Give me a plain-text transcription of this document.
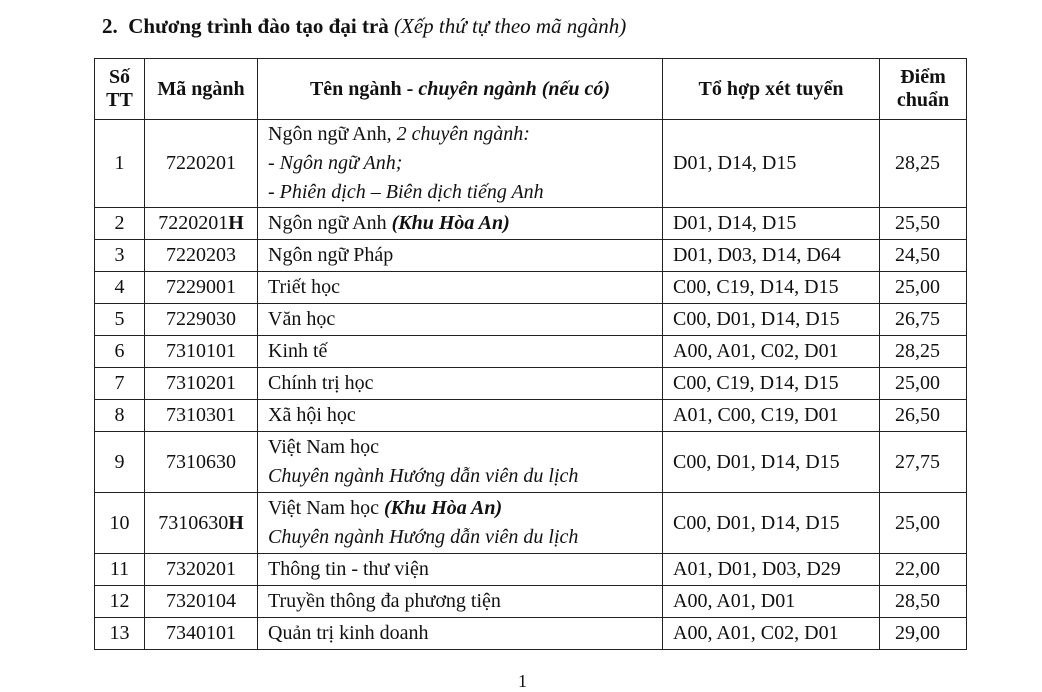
2. Chương trình đào tạo đại trà (Xếp thứ tự theo mã ngành)
Số
TT	Mã ngành	Tên ngành - chuyên ngành (nếu có)	Tổ hợp xét tuyển	Điểm
chuẩn
1	7220201	Ngôn ngữ Anh, 2 chuyên ngành:
- Ngôn ngữ Anh;
- Phiên dịch – Biên dịch tiếng Anh	D01, D14, D15	28,25
2	7220201H	Ngôn ngữ Anh (Khu Hòa An)	D01, D14, D15	25,50
3	7220203	Ngôn ngữ Pháp	D01, D03, D14, D64	24,50
4	7229001	Triết học	C00, C19, D14, D15	25,00
5	7229030	Văn học	C00, D01, D14, D15	26,75
6	7310101	Kinh tế	A00, A01, C02, D01	28,25
7	7310201	Chính trị học	C00, C19, D14, D15	25,00
8	7310301	Xã hội học	A01, C00, C19, D01	26,50
9	7310630	Việt Nam học
Chuyên ngành Hướng dẫn viên du lịch	C00, D01, D14, D15	27,75
10	7310630H	Việt Nam học (Khu Hòa An)
Chuyên ngành Hướng dẫn viên du lịch	C00, D01, D14, D15	25,00
11	7320201	Thông tin - thư viện	A01, D01, D03, D29	22,00
12	7320104	Truyền thông đa phương tiện	A00, A01, D01	28,50
13	7340101	Quản trị kinh doanh	A00, A01, C02, D01	29,00
1
